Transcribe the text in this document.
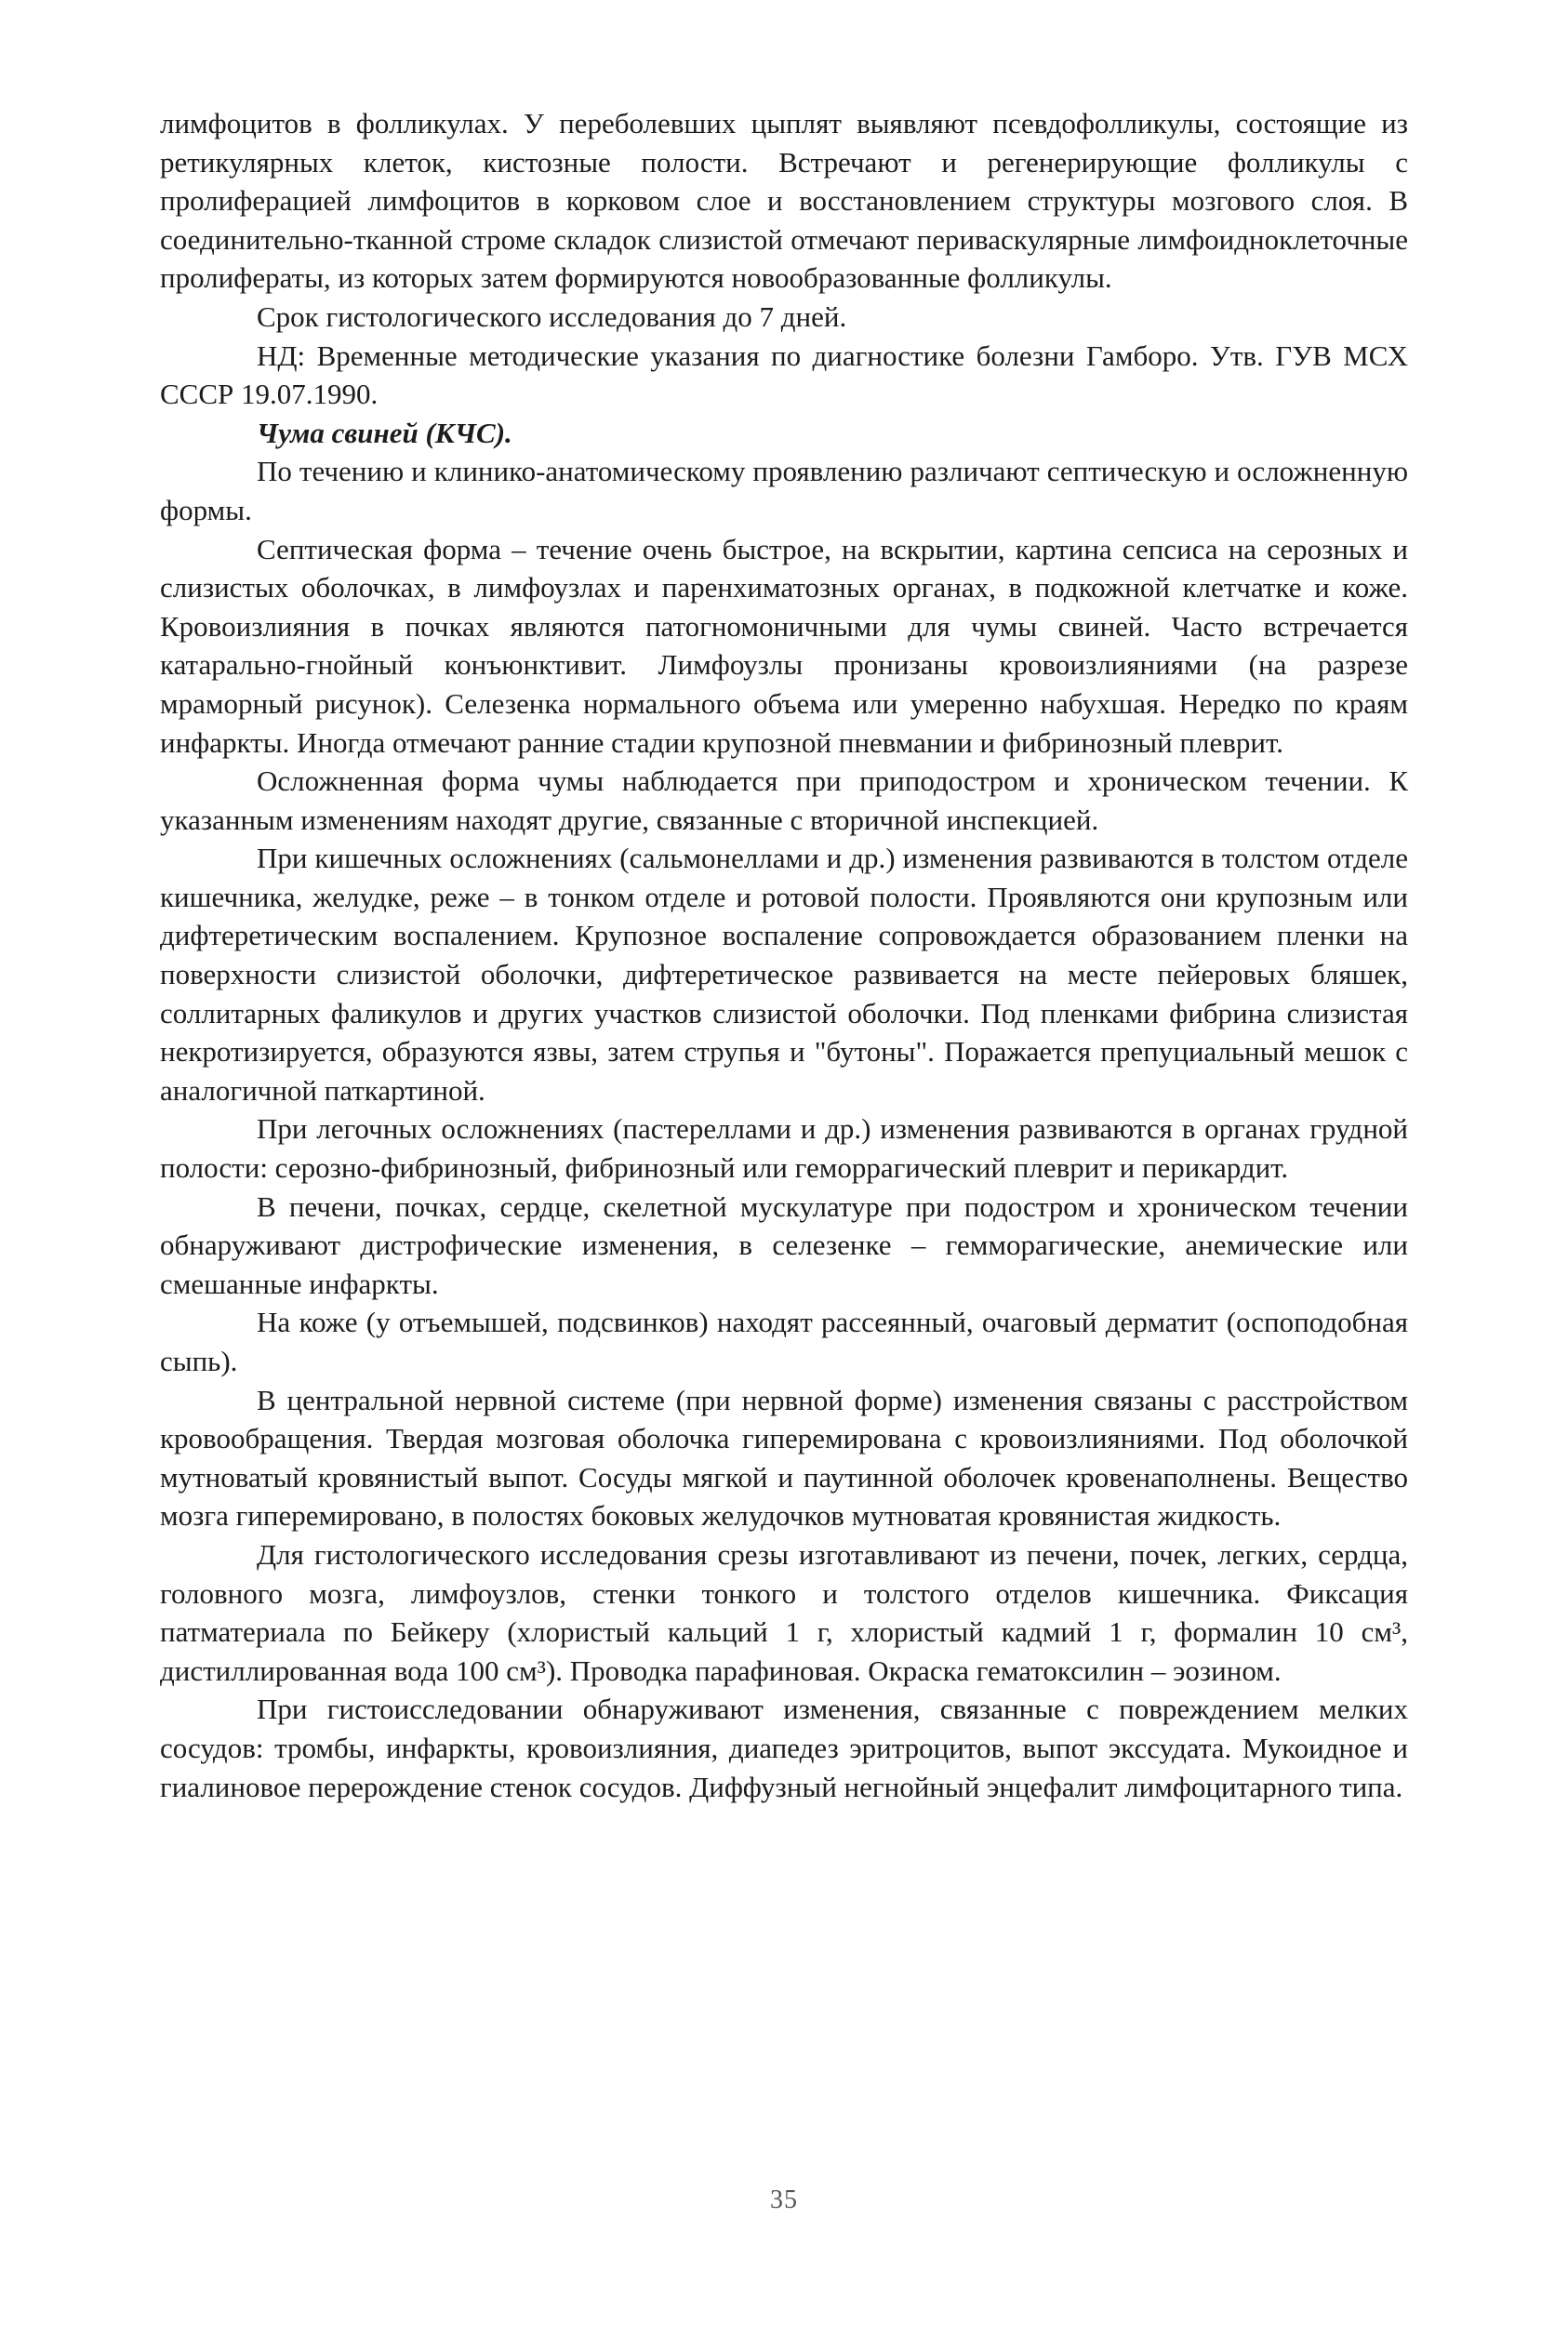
лимфоцитов в фолликулах. У переболевших цыплят выявляют псевдофолликулы, состоящие из ретикулярных клеток, кистозные полости. Встречают и регенерирующие фолликулы с пролиферацией лимфоцитов в корковом слое и восстановлением структуры мозгового слоя. В соединительно-тканной строме складок слизистой отмечают периваскулярные лимфоидноклеточные пролифераты, из которых затем формируются новообразованные фолликулы.

Срок гистологического исследования до 7 дней.

НД: Временные методические указания по диагностике болезни Гамборо. Утв. ГУВ МСХ СССР 19.07.1990.

Чума свиней (КЧС).

По течению и клинико-анатомическому проявлению различают септическую и осложненную формы.

Септическая форма – течение очень быстрое, на вскрытии, картина сепсиса на серозных и слизистых оболочках, в лимфоузлах и паренхиматозных органах, в подкожной клетчатке и коже. Кровоизлияния в почках являются патогномоничными для чумы свиней. Часто встречается катарально-гнойный конъюнктивит. Лимфоузлы пронизаны кровоизлияниями (на разрезе мраморный рисунок). Селезенка нормального объема или умеренно набухшая. Нередко по краям инфаркты. Иногда отмечают ранние стадии крупозной пневмании и фибринозный плеврит.

Осложненная форма чумы наблюдается при приподостром и хроническом течении. К указанным изменениям находят другие, связанные с вторичной инспекцией.

При кишечных осложнениях (сальмонеллами и др.) изменения развиваются в толстом отделе кишечника, желудке, реже – в тонком отделе и ротовой полости. Проявляются они крупозным или дифтеретическим воспалением. Крупозное воспаление сопровождается образованием пленки на поверхности слизистой оболочки, дифтеретическое развивается на месте пейеровых бляшек, соллитарных фаликулов и других участков слизистой оболочки. Под пленками фибрина слизистая некротизируется, образуются язвы, затем струпья и "бутоны". Поражается препуциальный мешок с аналогичной паткартиной.

При легочных осложнениях (пастереллами и др.) изменения развиваются в органах грудной полости: серозно-фибринозный, фибринозный или геморрагический плеврит и перикардит.

В печени, почках, сердце, скелетной мускулатуре при подостром и хроническом течении обнаруживают дистрофические изменения, в селезенке – гемморагические, анемические или смешанные инфаркты.

На коже (у отъемышей, подсвинков) находят рассеянный, очаговый дерматит (оспоподобная сыпь).

В центральной нервной системе (при нервной форме) изменения связаны с расстройством кровообращения. Твердая мозговая оболочка гиперемирована с кровоизлияниями. Под оболочкой мутноватый кровянистый выпот. Сосуды мягкой и паутинной оболочек кровенаполнены. Вещество мозга гиперемировано, в полостях боковых желудочков мутноватая кровянистая жидкость.

Для гистологического исследования срезы изготавливают из печени, почек, легких, сердца, головного мозга, лимфоузлов, стенки тонкого и толстого отделов кишечника. Фиксация патматериала по Бейкеру (хлористый кальций 1 г, хлористый кадмий 1 г, формалин 10 см³, дистиллированная вода 100 см³). Проводка парафиновая. Окраска гематоксилин – эозином.

При гистоисследовании обнаруживают изменения, связанные с повреждением мелких сосудов: тромбы, инфаркты, кровоизлияния, диапедез эритроцитов, выпот экссудата. Мукоидное и гиалиновое перерождение стенок сосудов. Диффузный негнойный энцефалит лимфоцитарного типа.

35
